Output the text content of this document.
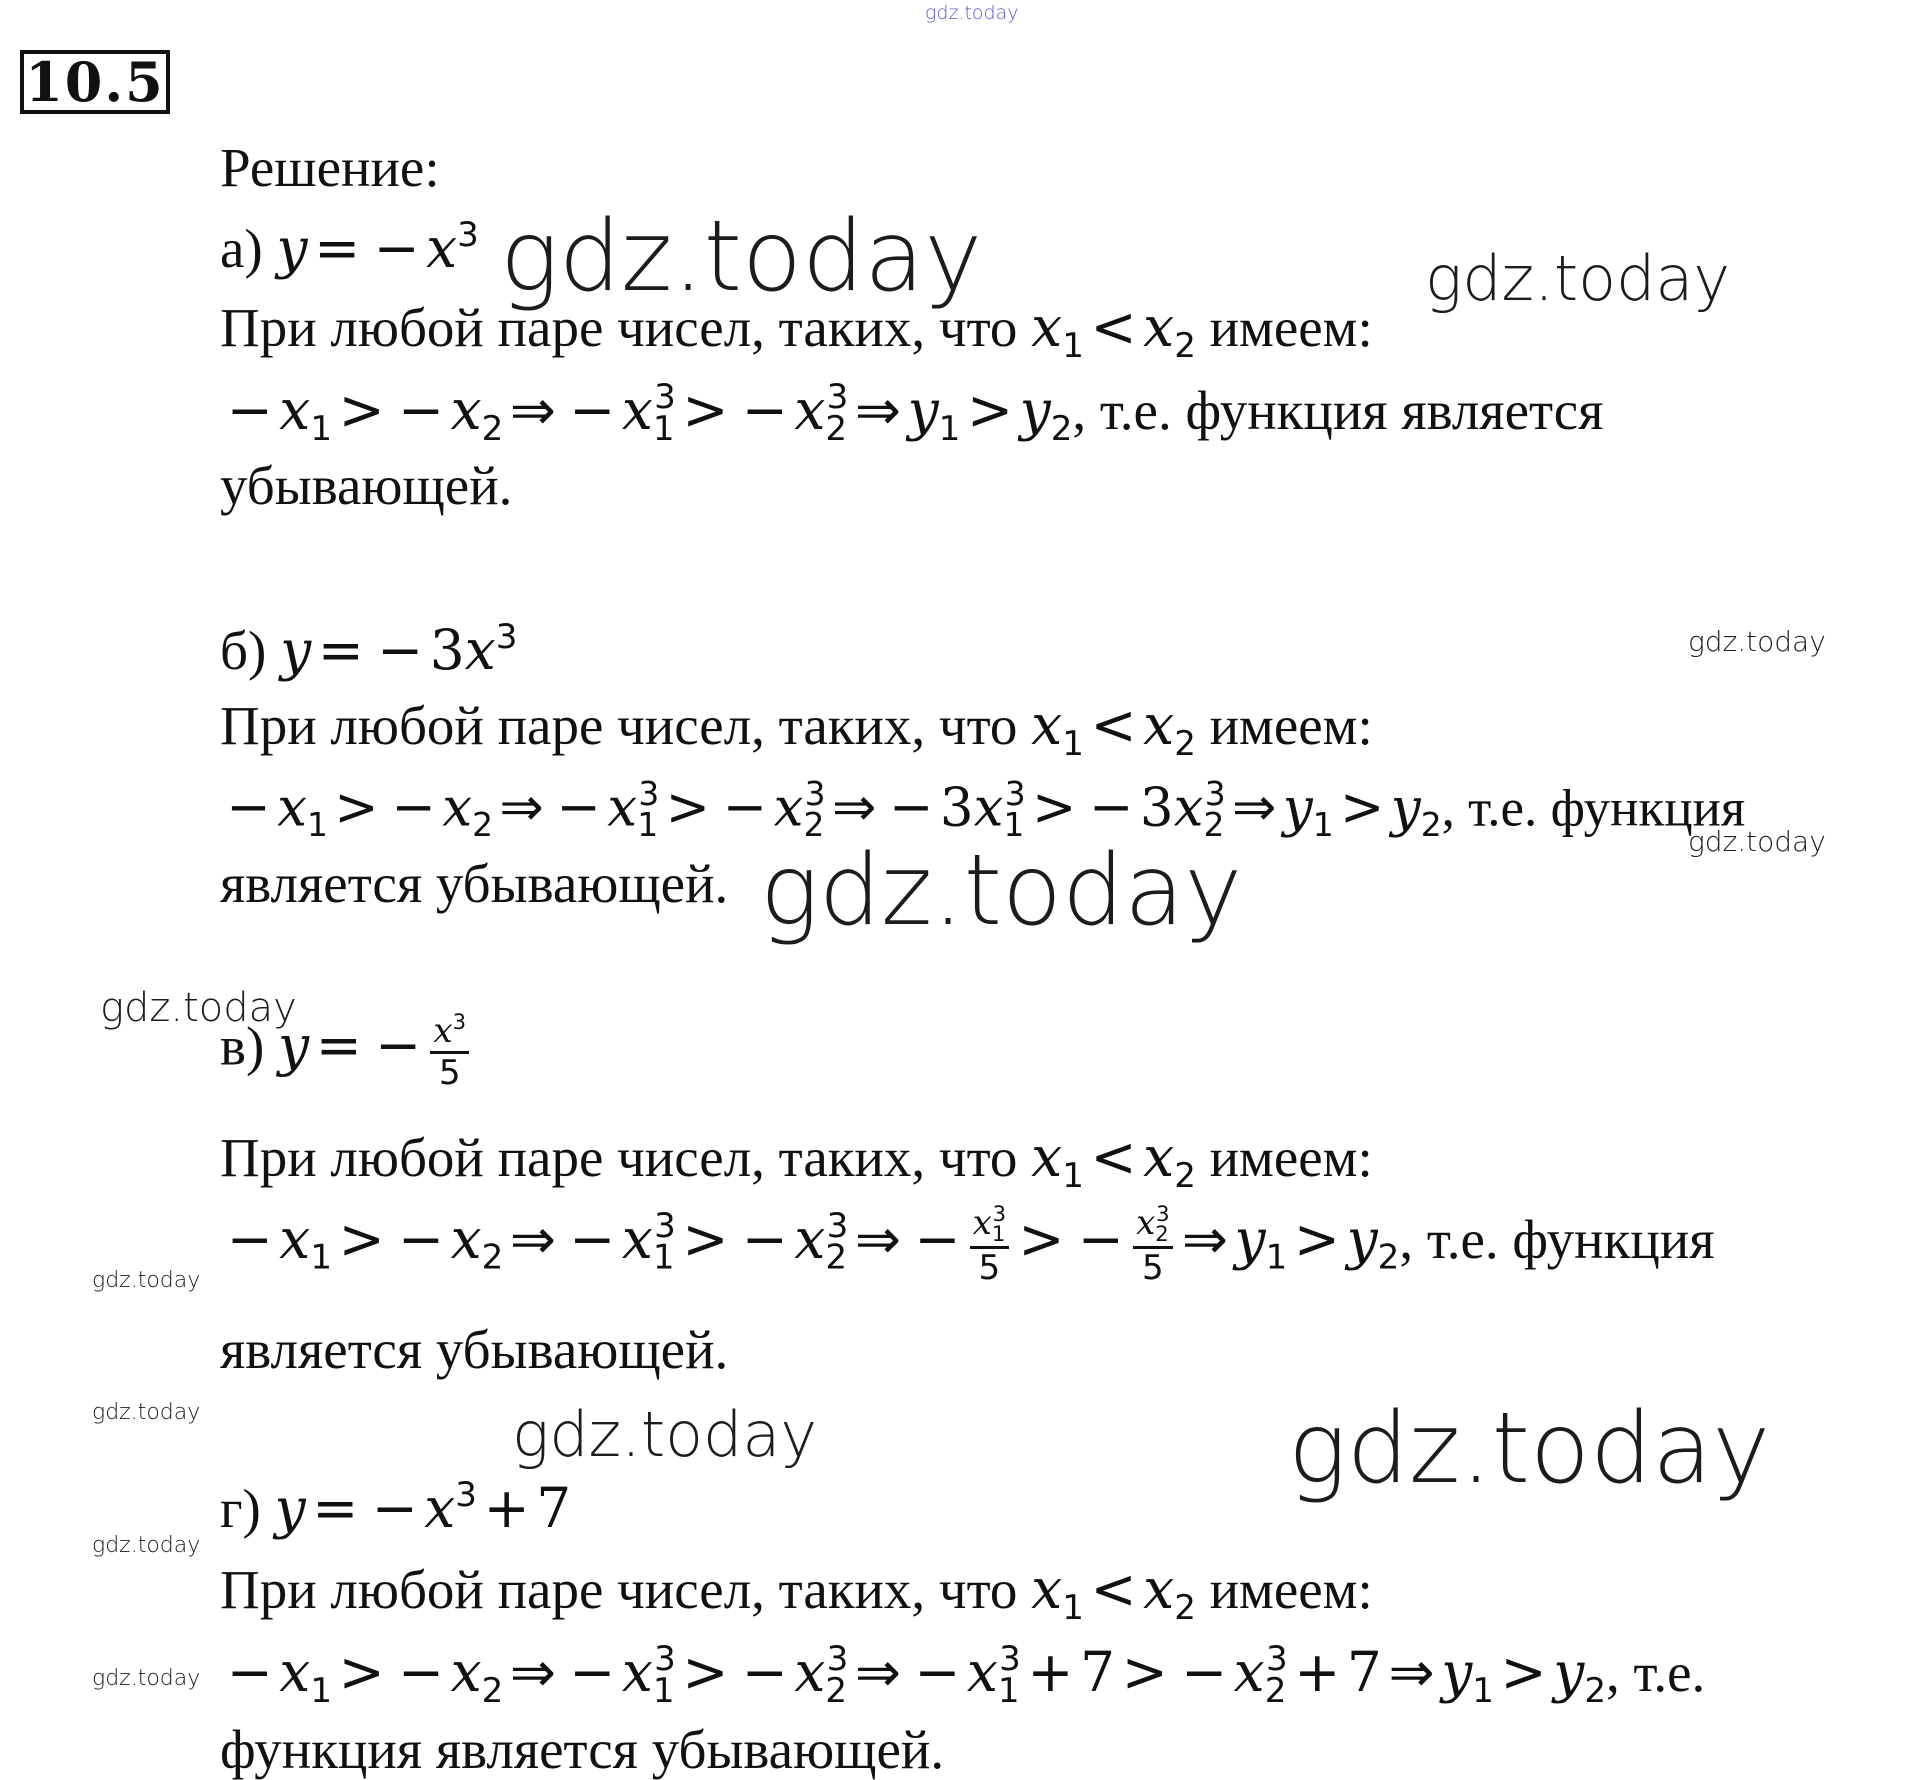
gdz.today
10.5
Решение:
а) y = − $x^3$
При любой паре чисел, таких, что $x_1 < x_2$ имеем:
− $x_1$ > − $x_2$ ⇒ − $x_1^3$ > − $x_2^3$ ⇒ $y_1 > y_2$, т.е. функция является
убывающей.
б) y = − $3x^3$
При любой паре чисел, таких, что $x_1 < x_2$ имеем:
− $x_1$ > − $x_2$ ⇒ − $x_1^3$ > − $x_2^3$ ⇒ − $3x_1^3$ > − $3x_2^3$ ⇒ $y_1 > y_2$, т.е. функция
является убывающей.
в) y = − $\frac{x^3}{5}$
При любой паре чисел, таких, что $x_1 < x_2$ имеем:
− $x_1$ > − $x_2$ ⇒ − $x_1^3$ > − $x_2^3$ ⇒ − $\frac{x_1^3}{5}$ > − $\frac{x_2^3}{5}$ ⇒ $y_1 > y_2$, т.е. функция
является убывающей.
г) y = − $x^3 + 7$
При любой паре чисел, таких, что $x_1 < x_2$ имеем:
− $x_1$ > − $x_2$ ⇒ − $x_1^3$ > − $x_2^3$ ⇒ − $x_1^3 + 7$ > − $x_2^3 + 7$ ⇒ $y_1 > y_2$, т.е.
функция является убывающей.
gdz.today	gdz.today
gdz.today
gdz.today
gdz.today
gdz.today
gdz.today
gdz.today	gdz.today	gdz.today
gdz.today
gdz.today
